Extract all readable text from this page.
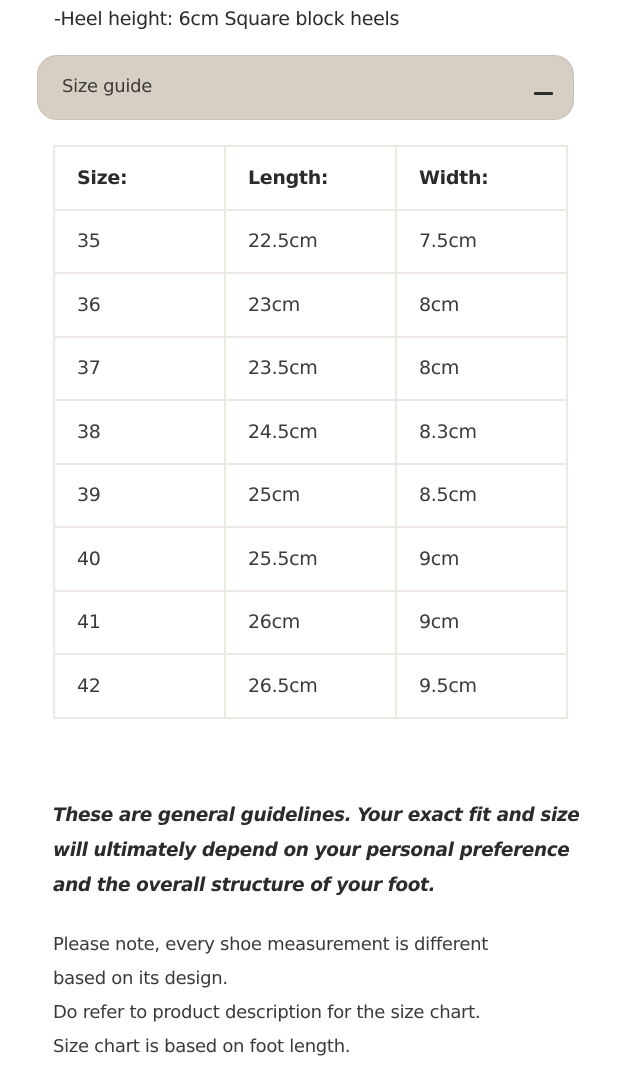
-Heel height: 6cm Square block heels
Size guide
Size:	Length:	Width:
35	22.5cm	7.5cm
36	23cm	8cm
37	23.5cm	8cm
38	24.5cm	8.3cm
39	25cm	8.5cm
40	25.5cm	9cm
41	26cm	9cm
42	26.5cm	9.5cm
These are general guidelines. Your exact fit and size
will ultimately depend on your personal preference
and the overall structure of your foot.
Please note, every shoe measurement is different
based on its design.
Do refer to product description for the size chart.
Size chart is based on foot length.
